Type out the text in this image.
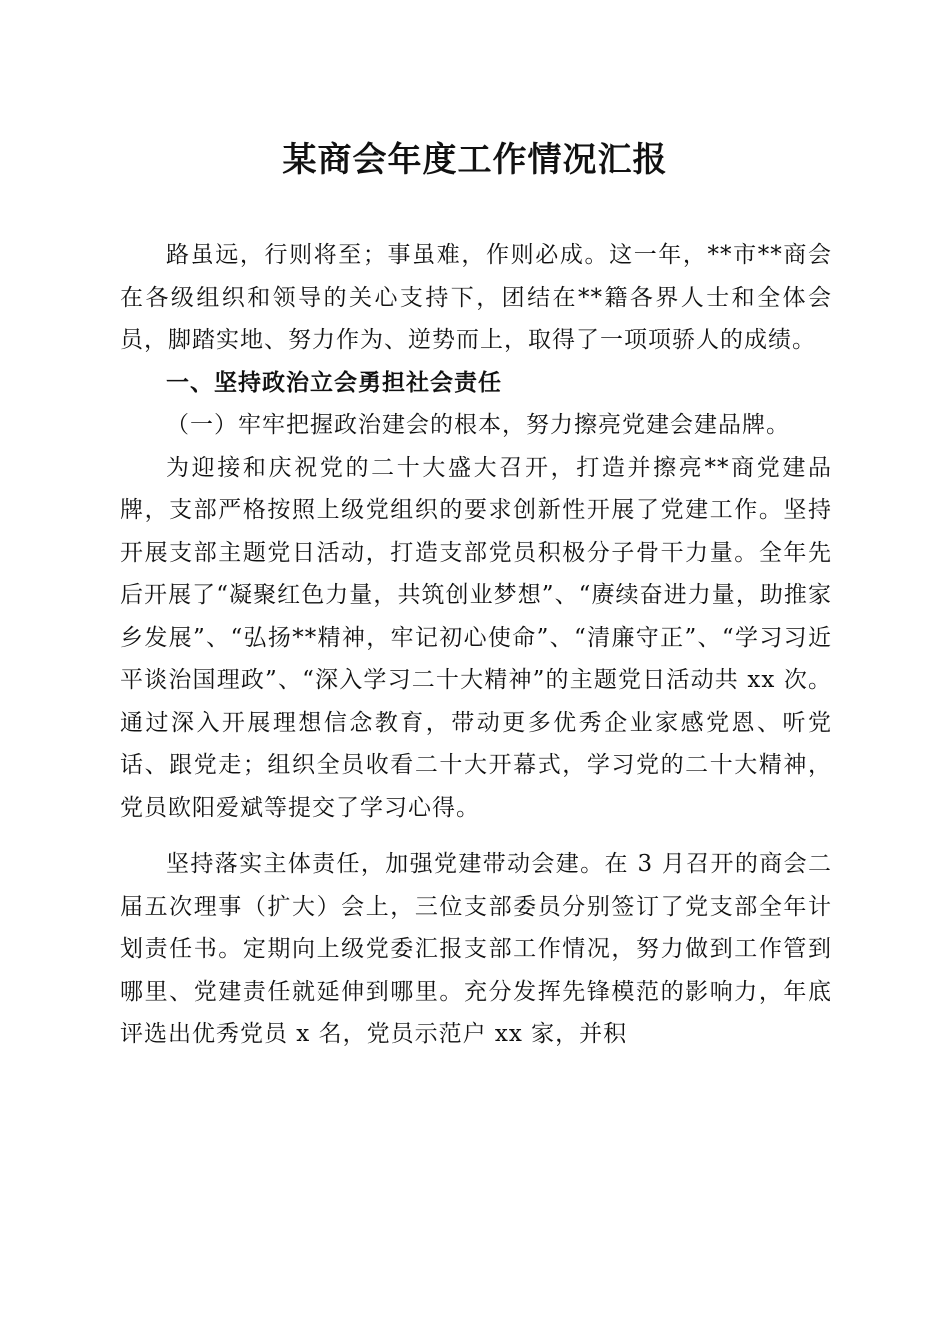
某商会年度工作情况汇报

路虽远，行则将至；事虽难，作则必成。这一年，**市**商会在各级组织和领导的关心支持下，团结在**籍各界人士和全体会员，脚踏实地、努力作为、逆势而上，取得了一项项骄人的成绩。

一、坚持政治立会勇担社会责任

（一）牢牢把握政治建会的根本，努力擦亮党建会建品牌。

为迎接和庆祝党的二十大盛大召开，打造并擦亮**商党建品牌，支部严格按照上级党组织的要求创新性开展了党建工作。坚持开展支部主题党日活动，打造支部党员积极分子骨干力量。全年先后开展了“凝聚红色力量，共筑创业梦想”、“赓续奋进力量，助推家乡发展”、“弘扬**精神，牢记初心使命”、“清廉守正”、“学习习近平谈治国理政”、“深入学习二十大精神”的主题党日活动共 xx 次。通过深入开展理想信念教育，带动更多优秀企业家感党恩、听党话、跟党走；组织全员收看二十大开幕式，学习党的二十大精神，党员欧阳爱斌等提交了学习心得。

坚持落实主体责任，加强党建带动会建。在 3 月召开的商会二届五次理事（扩大）会上，三位支部委员分别签订了党支部全年计划责任书。定期向上级党委汇报支部工作情况，努力做到工作管到哪里、党建责任就延伸到哪里。充分发挥先锋模范的影响力，年底评选出优秀党员 x 名，党员示范户 xx 家，并积
